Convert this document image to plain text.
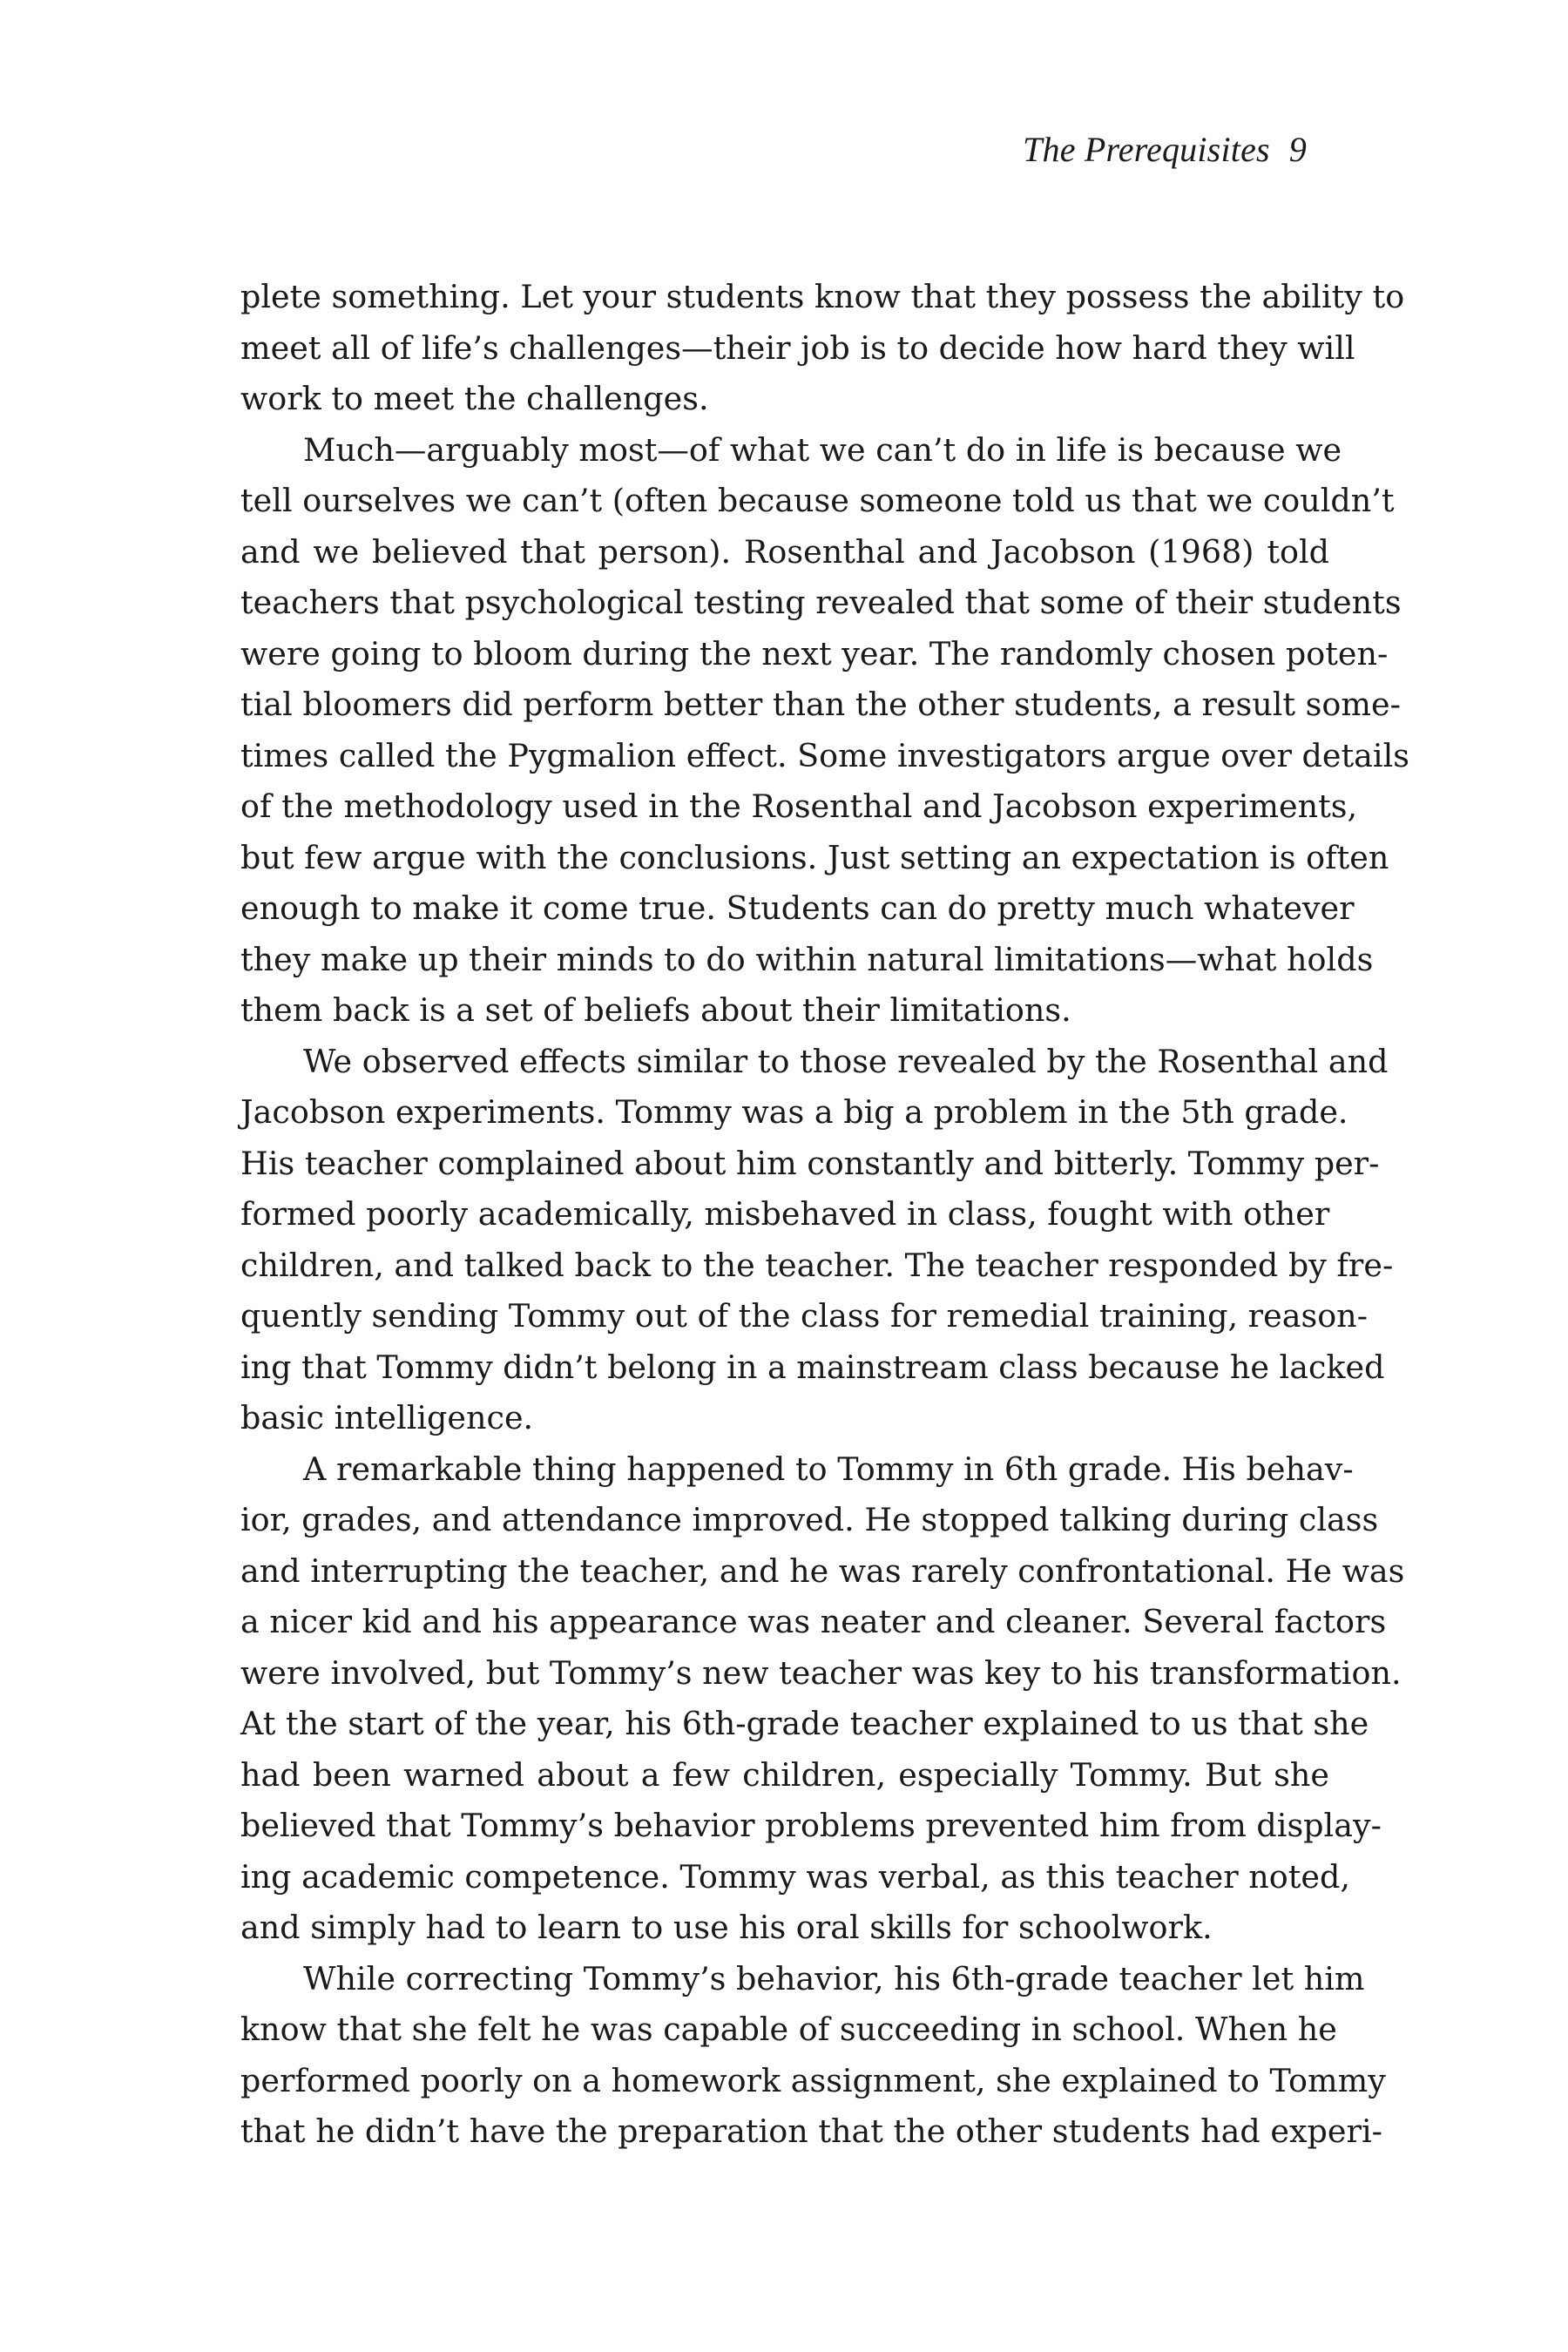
The Prerequisites 9
plete something. Let your students know that they possess the ability to
meet all of life’s challenges—their job is to decide how hard they will
work to meet the challenges.
Much—arguably most—of what we can’t do in life is because we
tell ourselves we can’t (often because someone told us that we couldn’t
and we believed that person). Rosenthal and Jacobson (1968) told
teachers that psychological testing revealed that some of their students
were going to bloom during the next year. The randomly chosen poten-
tial bloomers did perform better than the other students, a result some-
times called the Pygmalion effect. Some investigators argue over details
of the methodology used in the Rosenthal and Jacobson experiments,
but few argue with the conclusions. Just setting an expectation is often
enough to make it come true. Students can do pretty much whatever
they make up their minds to do within natural limitations—what holds
them back is a set of beliefs about their limitations.
We observed effects similar to those revealed by the Rosenthal and
Jacobson experiments. Tommy was a big a problem in the 5th grade.
His teacher complained about him constantly and bitterly. Tommy per-
formed poorly academically, misbehaved in class, fought with other
children, and talked back to the teacher. The teacher responded by fre-
quently sending Tommy out of the class for remedial training, reason-
ing that Tommy didn’t belong in a mainstream class because he lacked
basic intelligence.
A remarkable thing happened to Tommy in 6th grade. His behav-
ior, grades, and attendance improved. He stopped talking during class
and interrupting the teacher, and he was rarely confrontational. He was
a nicer kid and his appearance was neater and cleaner. Several factors
were involved, but Tommy’s new teacher was key to his transformation.
At the start of the year, his 6th-grade teacher explained to us that she
had been warned about a few children, especially Tommy. But she
believed that Tommy’s behavior problems prevented him from display-
ing academic competence. Tommy was verbal, as this teacher noted,
and simply had to learn to use his oral skills for schoolwork.
While correcting Tommy’s behavior, his 6th-grade teacher let him
know that she felt he was capable of succeeding in school. When he
performed poorly on a homework assignment, she explained to Tommy
that he didn’t have the preparation that the other students had experi-
